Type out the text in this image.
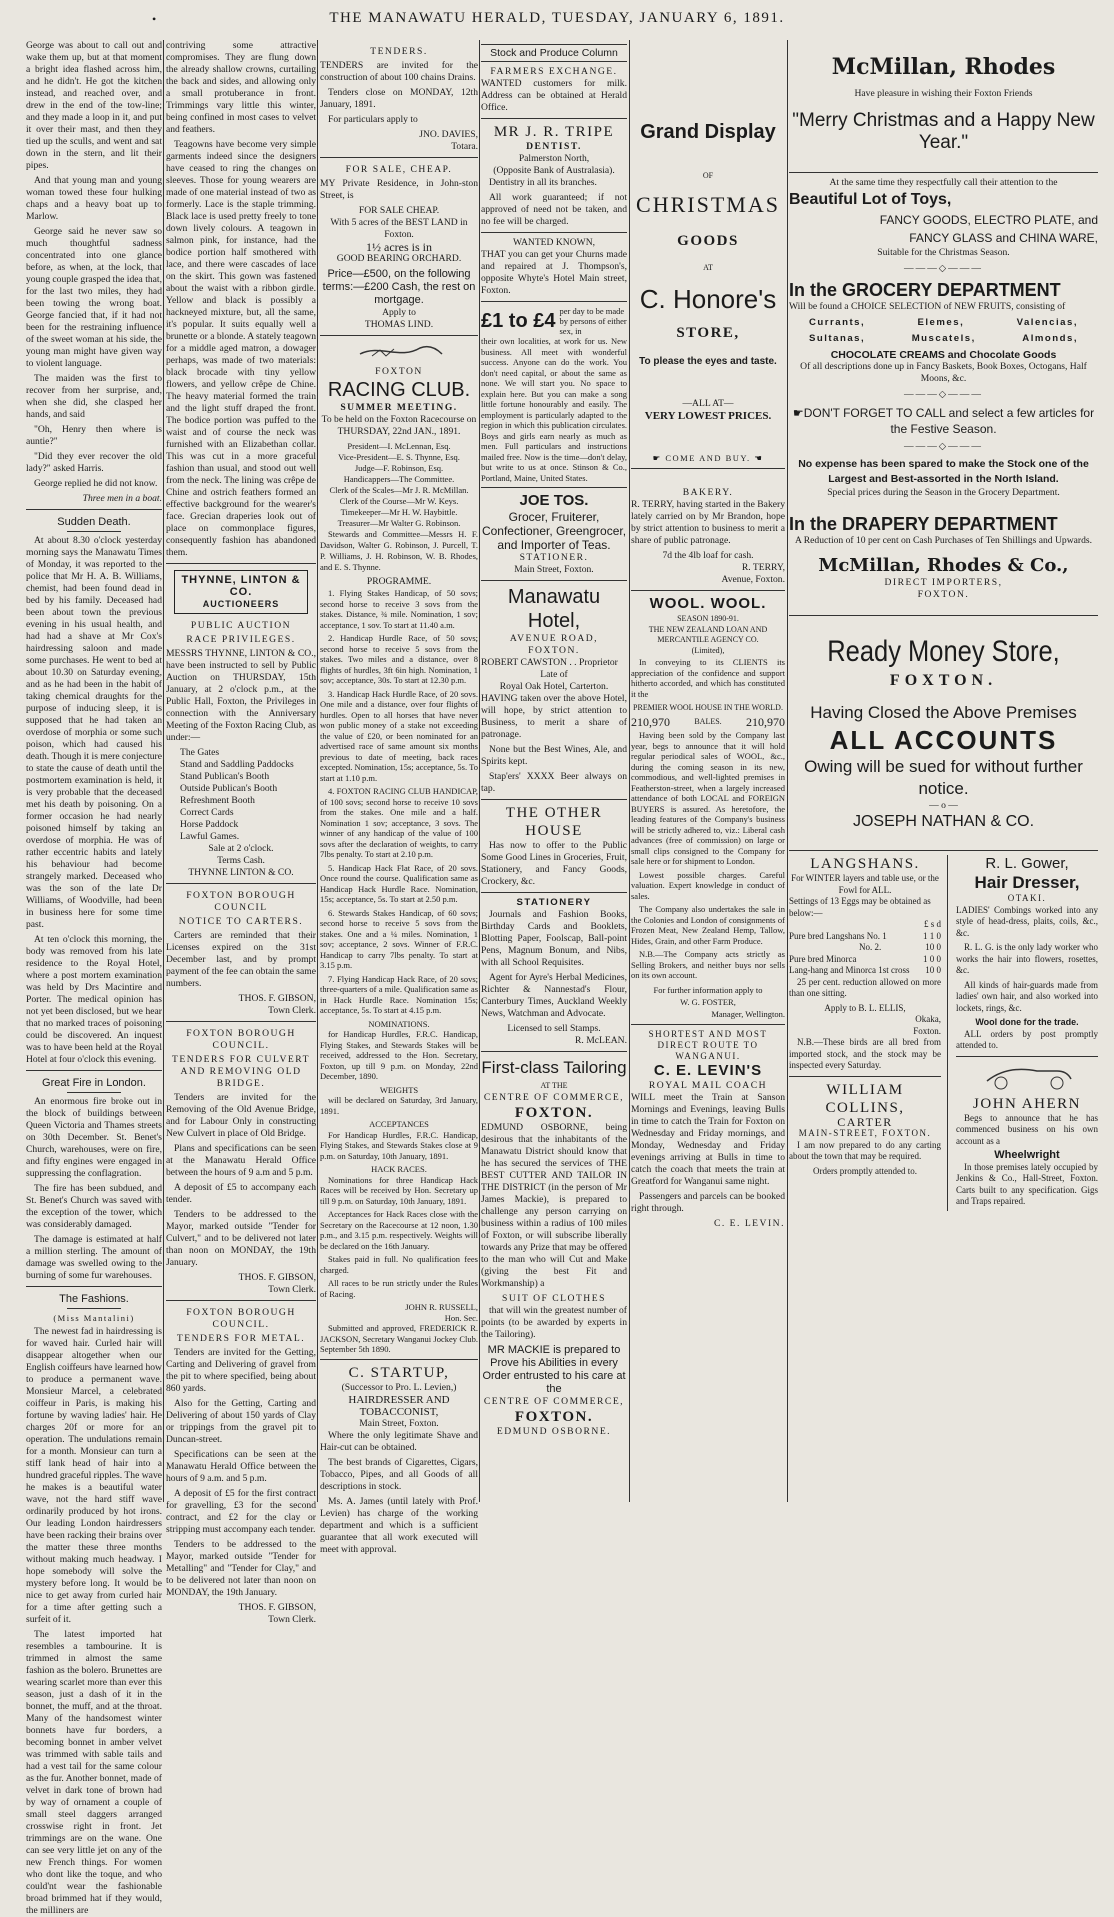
•	THE MANAWATU HERALD, TUESDAY, JANUARY 6, 1891.

George was about to call out and wake them up, but at that moment a bright idea flashed across him, and he didn't. He got the kitchen instead, and reached over, and drew in the end of the tow-line; and they made a loop in it, and put it over their mast, and then they tied up the sculls, and went and sat down in the stern, and lit their pipes.

And that young man and young woman towed these four hulking chaps and a heavy boat up to Marlow.

George said he never saw so much thoughtful sadness concentrated into one glance before, as when, at the lock, that young couple grasped the idea that, for the last two miles, they had been towing the wrong boat. George fancied that, if it had not been for the restraining influence of the sweet woman at his side, the young man might have given way to violent language.

The maiden was the first to recover from her surprise, and, when she did, she clasped her hands, and said

"Oh, Henry then where is auntie?"

"Did they ever recover the old lady?" asked Harris.

George replied he did not know.

Three men in a boat.
Sudden Death.

At about 8.30 o'clock yesterday morning says the Manawatu Times of Monday, it was reported to the police that Mr H. A. B. Williams, chemist, had been found dead in bed by his family. Deceased had been about town the previous evening in his usual health, and had had a shave at Mr Cox's hairdressing saloon and made some purchases. He went to bed at about 10.30 on Saturday evening, and as he had been in the habit of taking chemical draughts for the purpose of inducing sleep, it is supposed that he had taken an overdose of morphia or some such poison, which had caused his death. Though it is mere conjecture to state the cause of death until the postmortem examination is held, it is very probable that the deceased met his death by poisoning. On a former occasion he had nearly poisoned himself by taking an overdose of morphia. He was of rather eccentric habits and lately his behaviour had become strangely marked. Deceased who was the son of the late Dr Williams, of Woodville, had been in business here for some time past.

At ten o'clock this morning, the body was removed from his late residence to the Royal Hotel, where a post mortem examination was held by Drs Macintire and Porter. The medical opinion has not yet been disclosed, but we hear that no marked traces of poisoning could be discovered. An inquest was to have been held at the Royal Hotel at four o'clock this evening.

Great Fire in London.

An enormous fire broke out in the block of buildings between Queen Victoria and Thames streets on 30th December. St. Benet's Church, warehouses, were on fire, and fifty engines were engaged in suppressing the conflagration.

The fire has been subdued, and St. Benet's Church was saved with the exception of the tower, which was considerably damaged.

The damage is estimated at half a million sterling. The amount of damage was swelled owing to the burning of some fur warehouses.

The Fashions.
(Miss Mantalini)

The newest fad in hairdressing is for waved hair. Curled hair will disappear altogether when our English coiffeurs have learned how to produce a permanent wave. Monsieur Marcel, a celebrated coiffeur in Paris, is making his fortune by waving ladies' hair. He charges 20f or more for an operation. The undulations remain for a month. Monsieur can turn a stiff lank head of hair into a hundred graceful ripples. The wave he makes is a beautiful water wave, not the hard stiff wave ordinarily produced by hot irons. Our leading London hairdressers have been racking their brains over the matter these three months without making much headway. I hope somebody will solve the mystery before long. It would be nice to get away from curled hair for a time after getting such a surfeit of it.

The latest imported hat resembles a tambourine. It is trimmed in almost the same fashion as the bolero. Brunettes are wearing scarlet more than ever this season, just a dash of it in the bonnet, the muff, and at the throat. Many of the handsomest winter bonnets have fur borders, a becoming bonnet in amber velvet was trimmed with sable tails and had a vest tail for the same colour as the fur. Another bonnet, made of velvet in dark tone of brown had by way of ornament a couple of small steel daggers arranged crosswise right in front. Jet trimmings are on the wane. One can see very little jet on any of the new French things. For women who dont like the toque, and who could'nt wear the fashionable broad brimmed hat if they would, the milliners are

contriving some attractive compromises. They are flung down the already shallow crowns, curtailing the back and sides, and allowing only a small protuberance in front. Trimmings vary little this winter, being confined in most cases to velvet and feathers.

Teagowns have become very simple garments indeed since the designers have ceased to ring the changes on sleeves. Those for young wearers are made of one material instead of two as formerly. Lace is the staple trimming. Black lace is used pretty freely to tone down lively colours. A teagown in salmon pink, for instance, had the bodice portion half smothered with lace, and there were cascades of lace on the skirt. This gown was fastened about the waist with a ribbon girdle. Yellow and black is possibly a hackneyed mixture, but, all the same, it's popular. It suits equally well a brunette or a blonde. A stately teagown for a middle aged matron, a dowager perhaps, was made of two materials: black brocade with tiny yellow flowers, and yellow crêpe de Chine. The heavy material formed the train and the light stuff draped the front. The bodice portion was puffed to the waist and of course the neck was furnished with an Elizabethan collar. This was cut in a more graceful fashion than usual, and stood out well from the neck. The lining was crêpe de Chine and ostrich feathers formed an effective background for the wearer's face. Grecian draperies look out of place on commonplace figures, consequently fashion has abandoned them.

THYNNE, LINTON & CO.
AUCTIONEERS
PUBLIC AUCTION
RACE PRIVILEGES.

MESSRS THYNNE, LINTON & CO., have been instructed to sell by Public Auction on THURSDAY, 15th January, at 2 o'clock p.m., at the Public Hall, Foxton, the Privileges in connection with the Anniversary Meeting of the Foxton Racing Club, as under:—

The Gates
Stand and Saddling Paddocks
Stand Publican's Booth
Outside Publican's Booth
Refreshment Booth
Correct Cards
Horse Paddock
Lawful Games.
Sale at 2 o'clock.
Terms Cash.
THYNNE LINTON & CO.
FOXTON BOROUGH COUNCIL
NOTICE TO CARTERS.

Carters are reminded that their Licenses expired on the 31st December last, and by prompt payment of the fee can obtain the same numbers.

THOS. F. GIBSON,
Town Clerk.
FOXTON BOROUGH COUNCIL.
TENDERS FOR CULVERT AND REMOVING OLD BRIDGE.

Tenders are invited for the Removing of the Old Avenue Bridge, and for Labour Only in constructing New Culvert in place of Old Bridge.

Plans and specifications can be seen at the Manawatu Herald Office between the hours of 9 a.m and 5 p.m.

A deposit of £5 to accompany each tender.

Tenders to be addressed to the Mayor, marked outside "Tender for Culvert," and to be delivered not later than noon on MONDAY, the 19th January.

THOS. F. GIBSON,
Town Clerk.
FOXTON BOROUGH COUNCIL.
TENDERS FOR METAL.

Tenders are invited for the Getting, Carting and Delivering of gravel from the pit to where specified, being about 860 yards.

Also for the Getting, Carting and Delivering of about 150 yards of Clay or trippings from the gravel pit to Duncan-street.

Specifications can be seen at the Manawatu Herald Office between the hours of 9 a.m. and 5 p.m.

A deposit of £5 for the first contract for gravelling, £3 for the second contract, and £2 for the clay or stripping must accompany each tender.

Tenders to be addressed to the Mayor, marked outside "Tender for Metalling" and "Tender for Clay," and to be delivered not later than noon on MONDAY, the 19th January.

THOS. F. GIBSON,
Town Clerk.
TENDERS.

TENDERS are invited for the construction of about 100 chains Drains.

Tenders close on MONDAY, 12th January, 1891.

For particulars apply to

JNO. DAVIES,
Totara.
FOR SALE, CHEAP.

MY Private Residence, in John-ston Street, is

FOR SALE CHEAP.
With 5 acres of the BEST LAND in Foxton.
1½ acres is in
GOOD BEARING ORCHARD.
Price—£500, on the following terms:—£200 Cash, the rest on mortgage.
Apply to
THOMAS LIND.
FOXTON
RACING CLUB.
SUMMER MEETING.
To be held on the Foxton Racecourse on
THURSDAY, 22nd JAN., 1891.
President—I. McLennan, Esq.
Vice-President—E. S. Thynne, Esq.
Judge—F. Robinson, Esq.
Handicappers—The Committee.
Clerk of the Scales—Mr J. R. McMillan.
Clerk of the Course—Mr W. Keys.
Timekeeper—Mr H. W. Haybittle.
Treasurer—Mr Walter G. Robinson.

Stewards and Committee—Messrs H. F. Davidson, Walter G. Robinson, J. Purcell, T. P. Williams, J. H. Robinson, W. B. Rhodes, and E. S. Thynne.

PROGRAMME.

1. Flying Stakes Handicap, of 50 sovs; second horse to receive 3 sovs from the stakes. Distance, ¾ mile. Nomination, 1 sov; acceptance, 1 sov. To start at 11.40 a.m.

2. Handicap Hurdle Race, of 50 sovs; second horse to receive 5 sovs from the stakes. Two miles and a distance, over 8 flights of hurdles, 3ft 6in high. Nomination, 1 sov; acceptance, 30s. To start at 12.30 p.m.

3. Handicap Hack Hurdle Race, of 20 sovs. One mile and a distance, over four flights of hurdles. Open to all horses that have never won public money of a stake not exceeding the value of £20, or been nominated for an advertised race of same amount six months previous to date of meeting, back races excepted. Nomination, 15s; acceptance, 5s. To start at 1.10 p.m.

4. FOXTON RACING CLUB HANDICAP, of 100 sovs; second horse to receive 10 sovs from the stakes. One mile and a half. Nomination 1 sov; acceptance, 3 sovs. The winner of any handicap of the value of 100 sovs after the declaration of weights, to carry 7lbs penalty. To start at 2.10 p.m.

5. Handicap Hack Flat Race, of 20 sovs. Once round the course. Qualification same as Handicap Hack Hurdle Race. Nomination, 15s; acceptance, 5s. To start at 2.50 p.m.

6. Stewards Stakes Handicap, of 60 sovs; second horse to receive 5 sovs from the stakes. One and a ¼ miles. Nomination, 1 sov; acceptance, 2 sovs. Winner of F.R.C. Handicap to carry 7lbs penalty. To start at 3.15 p.m.

7. Flying Handicap Hack Race, of 20 sovs; three-quarters of a mile. Qualification same as in Hack Hurdle Race. Nomination 15s; acceptance, 5s. To start at 4.15 p.m.

NOMINATIONS.

for Handicap Hurdles, F.R.C. Handicap, Flying Stakes, and Stewards Stakes will be received, addressed to the Hon. Secretary, Foxton, up till 9 p.m. on Monday, 22nd December, 1890.

WEIGHTS

will be declared on Saturday, 3rd January, 1891.

ACCEPTANCES

For Handicap Hurdles, F.R.C. Handicap, Flying Stakes, and Stewards Stakes close at 9 p.m. on Saturday, 10th January, 1891.

HACK RACES.

Nominations for three Handicap Hack Races will be received by Hon. Secretary up till 9 p.m. on Saturday, 10th January, 1891.

Acceptances for Hack Races close with the Secretary on the Racecourse at 12 noon, 1.30 p.m., and 3.15 p.m. respectively. Weights will be declared on the 16th January.

Stakes paid in full. No qualification fees charged.

All races to be run strictly under the Rules of Racing.

JOHN R. RUSSELL,
Hon. Sec.

Submitted and approved, FREDERICK R. JACKSON, Secretary Wanganui Jockey Club. September 5th 1890.

C. STARTUP,
(Successor to Pro. L. Levien,)
HAIRDRESSER AND TOBACCONIST,
Main Street, Foxton.

Where the only legitimate Shave and Hair-cut can be obtained.

The best brands of Cigarettes, Cigars, Tobacco, Pipes, and all Goods of all descriptions in stock.

Ms. A. James (until lately with Prof. Levien) has charge of the working department and which is a sufficient guarantee that all work executed will meet with approval.

Stock and Produce Column
FARMERS EXCHANGE.

WANTED customers for milk. Address can be obtained at Herald Office.

MR J. R. TRIPE
DENTIST.
Palmerston North,
(Opposite Bank of Australasia).

Dentistry in all its branches.

All work guaranteed; if not approved of need not be taken, and no fee will be charged.

WANTED KNOWN,

THAT you can get your Churns made and repaired at J. Thompson's, opposite Whyte's Hotel Main street, Foxton.

£1 to £4 per day to be made by persons of either sex, in

their own localities, at work for us. New business. All meet with wonderful success. Anyone can do the work. You don't need capital, or about the same as none. We will start you. No space to explain here. But you can make a song little fortune honourably and easily. The employment is particularly adapted to the region in which this publication circulates. Boys and girls earn nearly as much as men. Full particulars and instructions mailed free. Now is the time—don't delay, but write to us at once. Stinson & Co., Portland, Maine, United States.

JOE TOS.
Grocer, Fruiterer, Confectioner, Greengrocer, and Importer of Teas.
STATIONER.
Main Street, Foxton.
Manawatu Hotel,
AVENUE ROAD,
FOXTON.
ROBERT CAWSTON . . Proprietor
Late of
Royal Oak Hotel, Carterton.

HAVING taken over the above Hotel, will hope, by strict attention to Business, to merit a share of patronage.

None but the Best Wines, Ale, and Spirits kept.

Stap'ers' XXXX Beer always on tap.

THE OTHER HOUSE

Has now to offer to the Public Some Good Lines in Groceries, Fruit, Stationery, and Fancy Goods, Crockery, &c.

STATIONERY

Journals and Fashion Books, Birthday Cards and Booklets, Blotting Paper, Foolscap, Ball-point Pens, Magnum Bonum, and Nibs, with all School Requisites.

Agent for Ayre's Herbal Medicines, Richter & Nannestad's Flour, Canterbury Times, Auckland Weekly News, Watchman and Advocate.

Licensed to sell Stamps.
R. McLEAN.
First-class Tailoring
AT THE
CENTRE OF COMMERCE,
FOXTON.

EDMUND OSBORNE, being desirous that the inhabitants of the Manawatu District should know that he has secured the services of THE BEST CUTTER AND TAILOR IN THE DISTRICT (in the person of Mr James Mackie), is prepared to challenge any person carrying on business within a radius of 100 miles of Foxton, or will subscribe liberally towards any Prize that may be offered to the man who will Cut and Make (giving the best Fit and Workmanship) a

SUIT OF CLOTHES

that will win the greatest number of points (to be awarded by experts in the Tailoring).

MR MACKIE is prepared to Prove his Abilities in every Order entrusted to his care at the
CENTRE OF COMMERCE,
FOXTON.
EDMUND OSBORNE.
Grand Display
OF
CHRISTMAS
GOODS
AT
C. Honore's
STORE,
To please the eyes and taste.
—ALL AT—
VERY LOWEST PRICES.
☛ COME AND BUY. ☚
BAKERY.

R. TERRY, having started in the Bakery lately carried on by Mr Brandon, hope by strict attention to business to merit a share of public patronage.

7d the 4lb loaf for cash.
R. TERRY,
Avenue, Foxton.
WOOL. WOOL.
SEASON 1890-91.
THE NEW ZEALAND LOAN AND MERCANTILE AGENCY CO.
(Limited),

In conveying to its CLIENTS its appreciation of the confidence and support hitherto accorded, and which has constituted it the

PREMIER WOOL HOUSE IN THE WORLD.
210,970	BALES. 210,970

Having been sold by the Company last year, begs to announce that it will hold regular periodical sales of WOOL, &c., during the coming season in its new, commodious, and well-lighted premises in Featherston-street, when a largely increased attendance of both LOCAL and FOREIGN BUYERS is assured. As heretofore, the leading features of the Company's business will be strictly adhered to, viz.: Liberal cash advances (free of commission) on large or small clips consigned to the Company for sale here or for shipment to London.

Lowest possible charges. Careful valuation. Expert knowledge in conduct of sales.

The Company also undertakes the sale in the Colonies and London of consignments of Frozen Meat, New Zealand Hemp, Tallow, Hides, Grain, and other Farm Produce.

N.B.—The Company acts strictly as Selling Brokers, and neither buys nor sells on its own account.

For further information apply to
W. G. FOSTER,
Manager, Wellington.
SHORTEST AND MOST DIRECT ROUTE TO WANGANUI.
C. E. LEVIN'S
ROYAL MAIL COACH

WILL meet the Train at Sanson Mornings and Evenings, leaving Bulls in time to catch the Train for Foxton on Wednesday and Friday mornings, and Monday, Wednesday and Friday evenings arriving at Bulls in time to catch the coach that meets the train at Greatford for Wanganui same night.

Passengers and parcels can be booked right through.

C. E. LEVIN.
McMillan, Rhodes
Have pleasure in wishing their Foxton Friends
"Merry Christmas and a Happy New Year."
At the same time they respectfully call their attention to the
Beautiful Lot of Toys,
FANCY GOODS, ELECTRO PLATE, and
FANCY GLASS and CHINA WARE,
Suitable for the Christmas Season.
———◇———
In the GROCERY DEPARTMENT
Will be found a CHOICE SELECTION of NEW FRUITS, consisting of
Currants,	Elemes,	Valencias,
Sultanas,	Muscatels,	Almonds,
CHOCOLATE CREAMS and Chocolate Goods
Of all descriptions done up in Fancy Baskets, Book Boxes, Octogans, Half Moons, &c.
———◇———
☛DON'T FORGET TO CALL and select a few articles for the Festive Season.
———◇———
No expense has been spared to make the Stock one of the Largest and Best-assorted in the North Island.
Special prices during the Season in the Grocery Department.
In the DRAPERY DEPARTMENT
A Reduction of 10 per cent on Cash Purchases of Ten Shillings and Upwards.
McMillan, Rhodes & Co.,
DIRECT IMPORTERS,
FOXTON.
Ready Money Store,
FOXTON.
Having Closed the Above Premises
ALL ACCOUNTS
Owing will be sued for without further notice.
— o —
JOSEPH NATHAN & CO.
LANGSHANS.
For WINTER layers and table use, or the Fowl for ALL.
Settings of 13 Eggs may be obtained as below:—
£ s d
Pure bred Langshans No. 1	1 1 0
No. 2.	10 0
Pure bred Minorca	1 0 0
Lang-hang and Minorca 1st cross 10 0

25 per cent. reduction allowed on more than one sitting.

Apply to B. L. ELLIS,
Okaka,
Foxton.

N.B.—These birds are all bred from imported stock, and the stock may be inspected every Saturday.

WILLIAM COLLINS,
CARTER
MAIN-STREET, FOXTON.

I am now prepared to do any carting about the town that may be required.

Orders promptly attended to.
R. L. Gower,
Hair Dresser,
OTAKI.

LADIES' Combings worked into any style of head-dress, plaits, coils, &c., &c.

R. L. G. is the only lady worker who works the hair into flowers, rosettes, &c.

All kinds of hair-guards made from ladies' own hair, and also worked into lockets, rings, &c.

Wool done for the trade.

ALL orders by post promptly attended to.

JOHN AHERN

Begs to announce that he has commenced business on his own account as a

Wheelwright

In those premises lately occupied by Jenkins & Co., Hall-Street, Foxton. Carts built to any specification. Gigs and Traps repaired.
